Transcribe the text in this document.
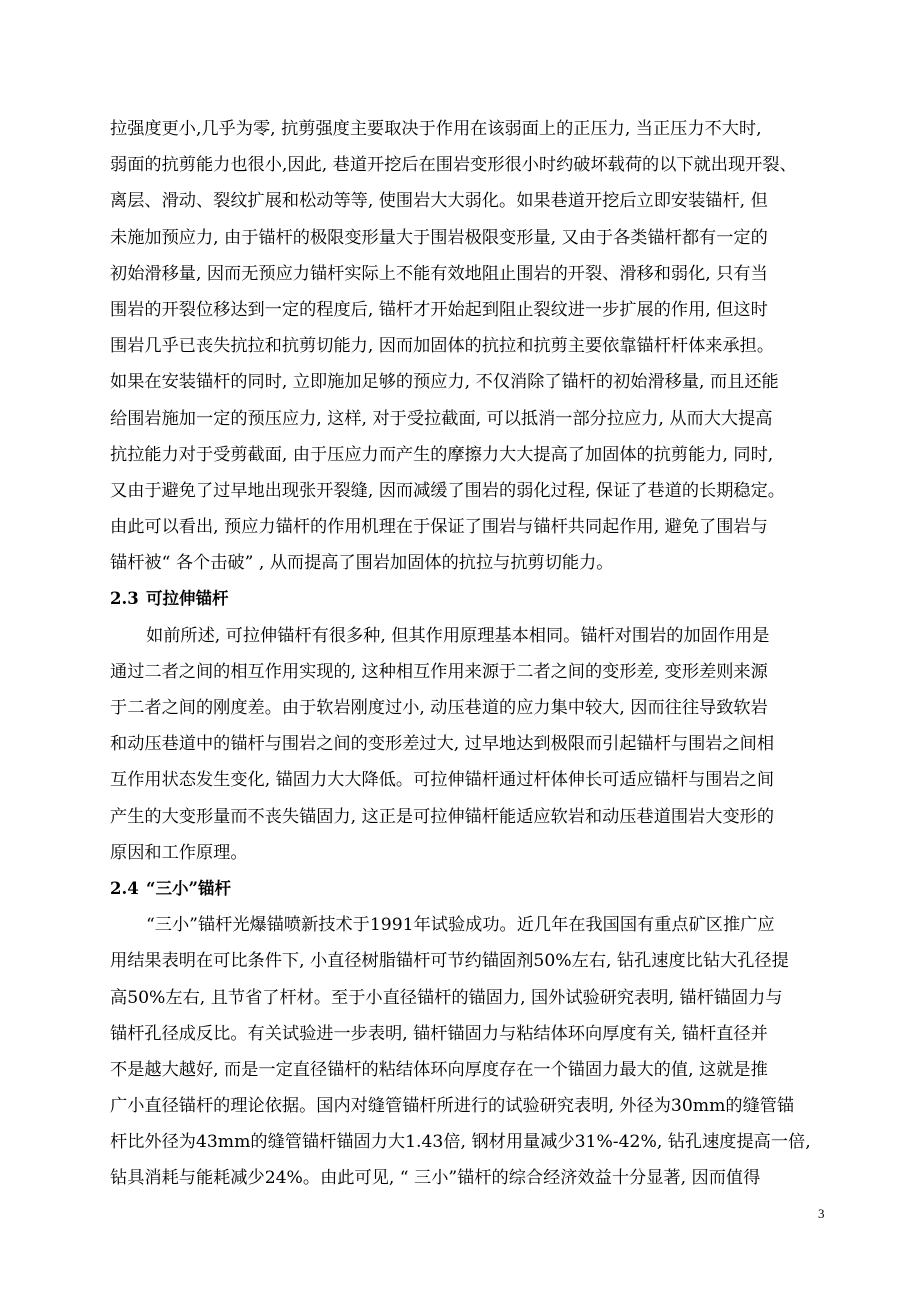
拉强度更小,几乎为零, 抗剪强度主要取决于作用在该弱面上的正压力, 当正压力不大时,
弱面的抗剪能力也很小,因此, 巷道开挖后在围岩变形很小时约破坏载荷的以下就出现开裂、
离层、滑动、裂纹扩展和松动等等, 使围岩大大弱化。如果巷道开挖后立即安装锚杆, 但
未施加预应力, 由于锚杆的极限变形量大于围岩极限变形量, 又由于各类锚杆都有一定的
初始滑移量, 因而无预应力锚杆实际上不能有效地阻止围岩的开裂、滑移和弱化, 只有当
围岩的开裂位移达到一定的程度后, 锚杆才开始起到阻止裂纹进一步扩展的作用, 但这时
围岩几乎已丧失抗拉和抗剪切能力, 因而加固体的抗拉和抗剪主要依靠锚杆杆体来承担。
如果在安装锚杆的同时, 立即施加足够的预应力, 不仅消除了锚杆的初始滑移量, 而且还能
给围岩施加一定的预压应力, 这样, 对于受拉截面, 可以抵消一部分拉应力, 从而大大提高
抗拉能力对于受剪截面, 由于压应力而产生的摩擦力大大提高了加固体的抗剪能力, 同时,
又由于避免了过早地出现张开裂缝, 因而减缓了围岩的弱化过程, 保证了巷道的长期稳定。
由此可以看出, 预应力锚杆的作用机理在于保证了围岩与锚杆共同起作用, 避免了围岩与
锚杆被“ 各个击破” , 从而提高了围岩加固体的抗拉与抗剪切能力。
2.3 可拉伸锚杆
如前所述, 可拉伸锚杆有很多种, 但其作用原理基本相同。锚杆对围岩的加固作用是
通过二者之间的相互作用实现的, 这种相互作用来源于二者之间的变形差, 变形差则来源
于二者之间的刚度差。由于软岩刚度过小, 动压巷道的应力集中较大, 因而往往导致软岩
和动压巷道中的锚杆与围岩之间的变形差过大, 过早地达到极限而引起锚杆与围岩之间相
互作用状态发生变化, 锚固力大大降低。可拉伸锚杆通过杆体伸长可适应锚杆与围岩之间
产生的大变形量而不丧失锚固力, 这正是可拉伸锚杆能适应软岩和动压巷道围岩大变形的
原因和工作原理。
2.4 “三小”锚杆
“三小”锚杆光爆锚喷新技术于1991年试验成功。近几年在我国国有重点矿区推广应
用结果表明在可比条件下, 小直径树脂锚杆可节约锚固剂50%左右, 钻孔速度比钻大孔径提
高50%左右, 且节省了杆材。至于小直径锚杆的锚固力, 国外试验研究表明, 锚杆锚固力与
锚杆孔径成反比。有关试验进一步表明, 锚杆锚固力与粘结体环向厚度有关, 锚杆直径并
不是越大越好, 而是一定直径锚杆的粘结体环向厚度存在一个锚固力最大的值, 这就是推
广小直径锚杆的理论依据。国内对缝管锚杆所进行的试验研究表明, 外径为30mm的缝管锚
杆比外径为43mm的缝管锚杆锚固力大1.43倍, 钢材用量减少31%-42%, 钻孔速度提高一倍,
钻具消耗与能耗减少24%。由此可见, “ 三小”锚杆的综合经济效益十分显著, 因而值得
3
